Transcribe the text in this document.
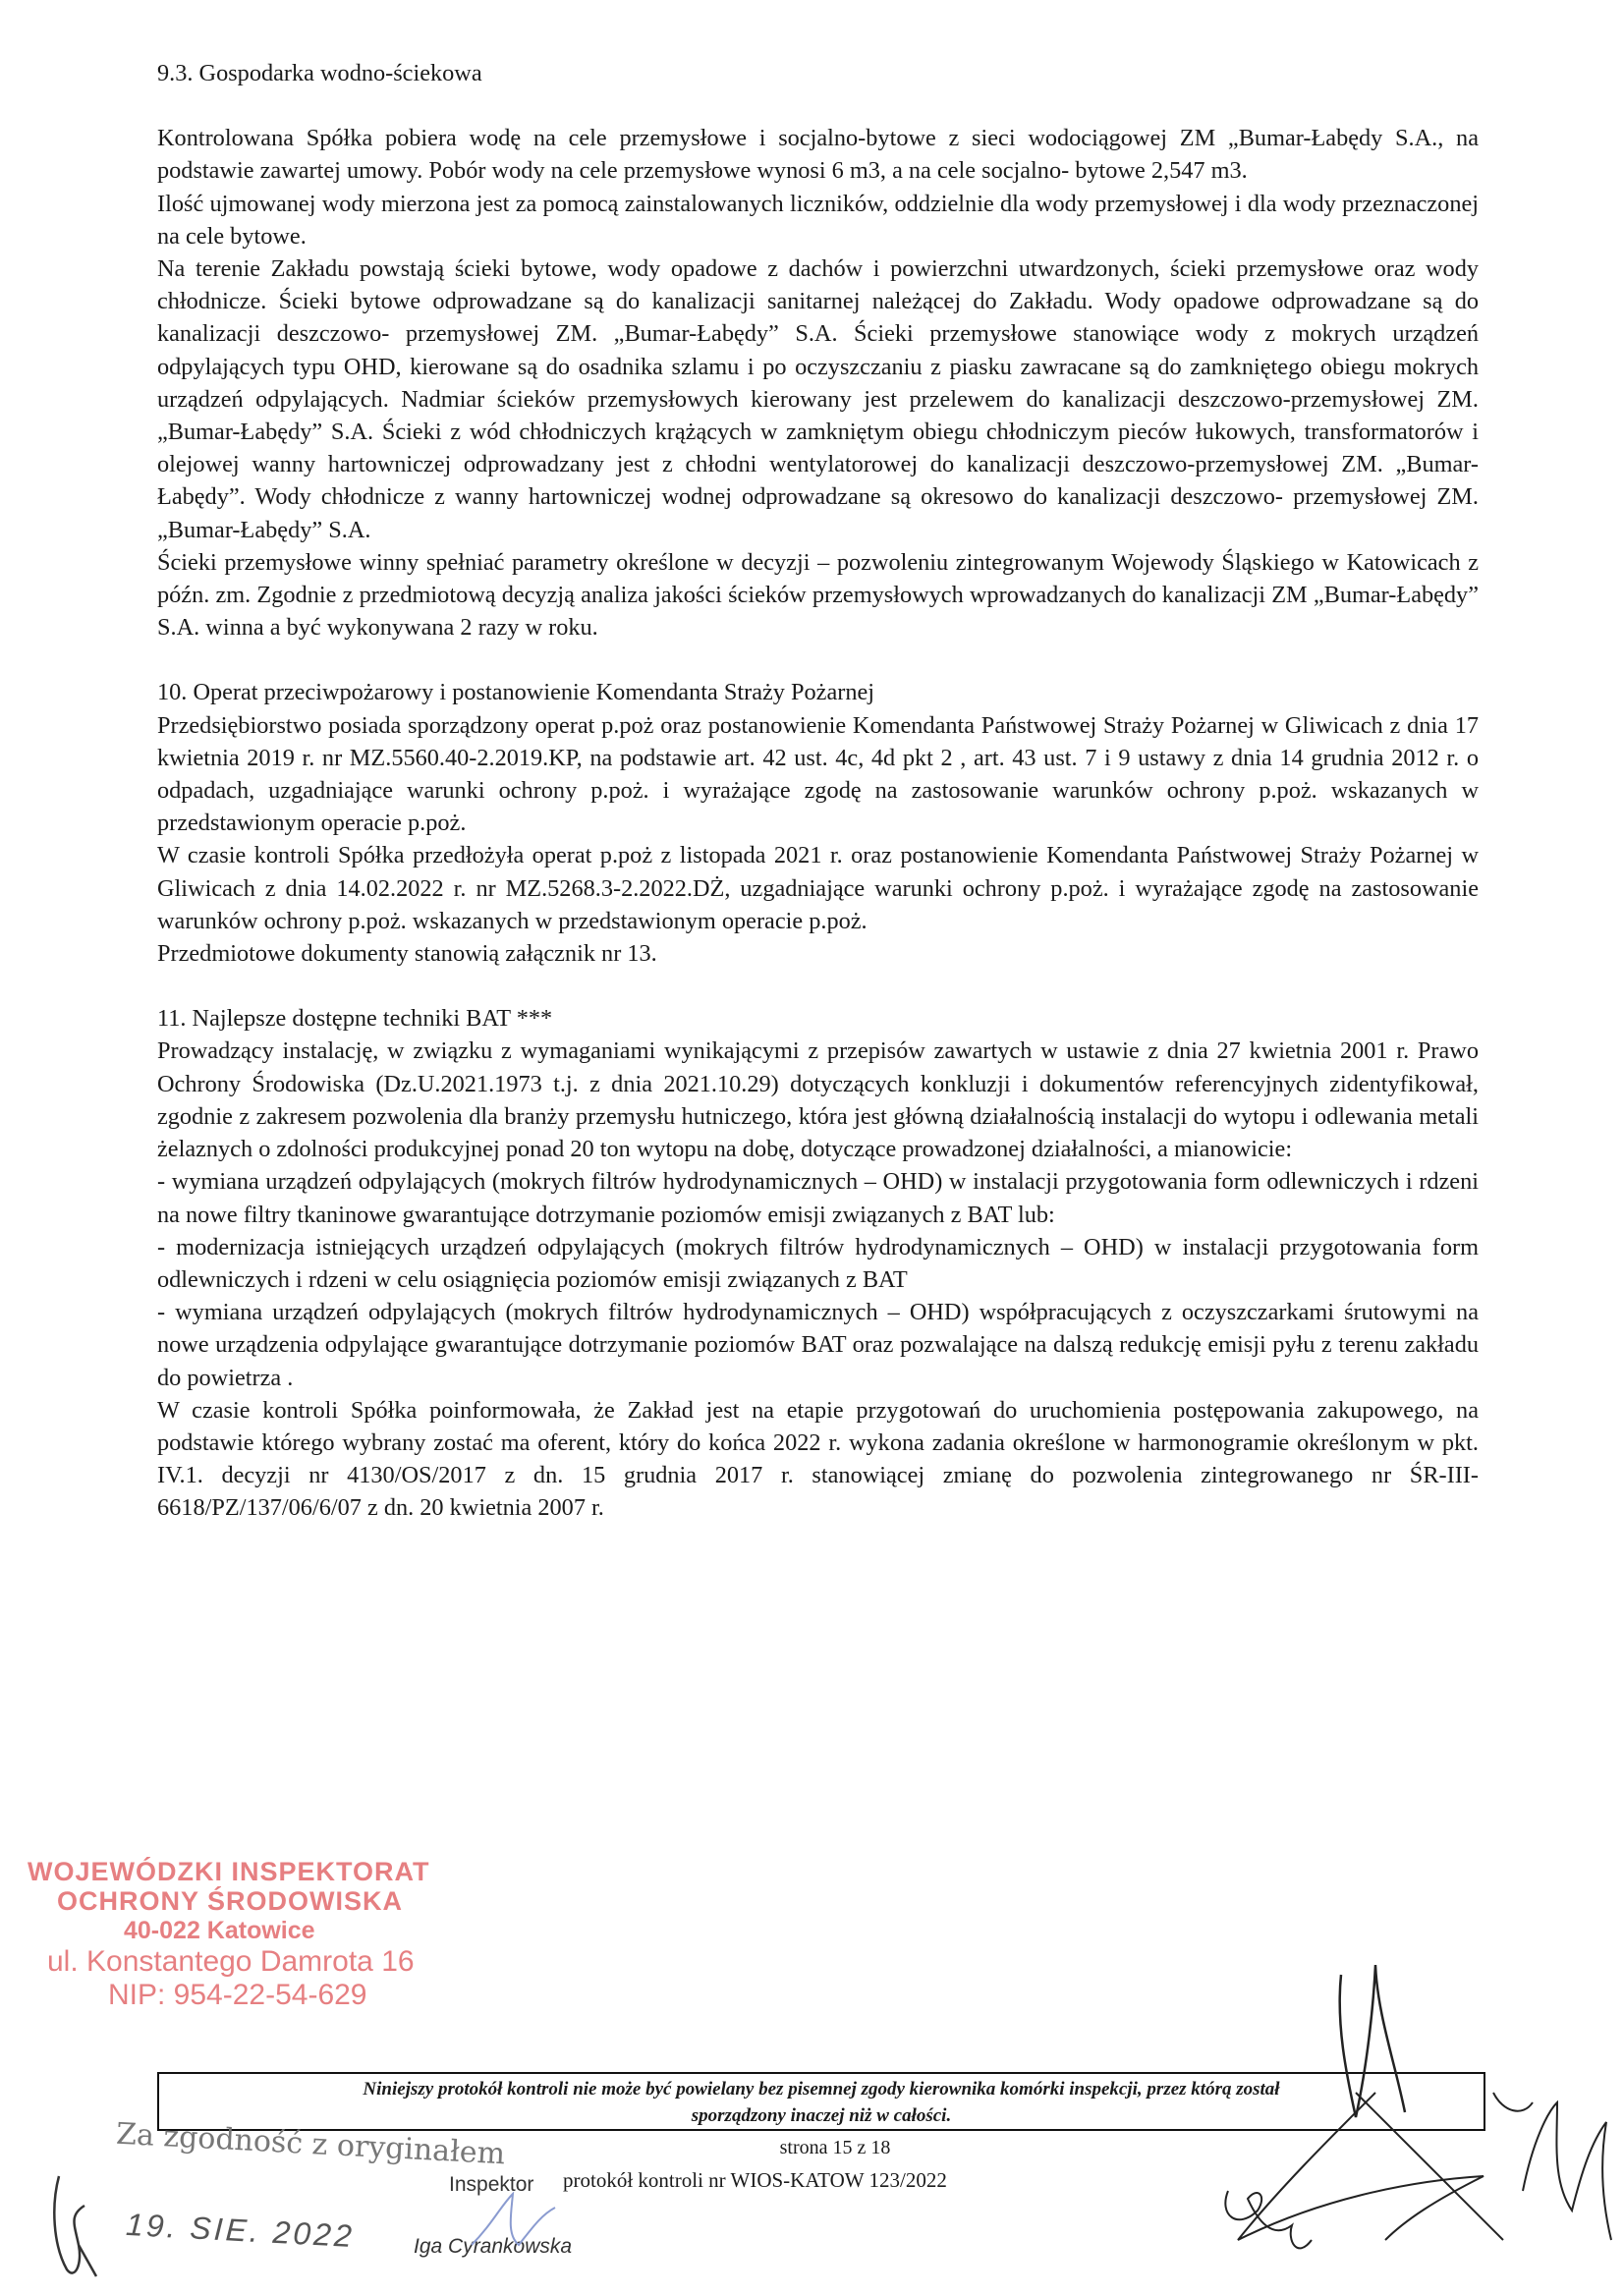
9.3. Gospodarka wodno-ściekowa

Kontrolowana Spółka pobiera wodę na cele przemysłowe i socjalno-bytowe z sieci wodociągowej ZM „Bumar-Łabędy S.A., na podstawie zawartej umowy. Pobór wody na cele przemysłowe wynosi 6 m3, a na cele socjalno- bytowe 2,547 m3.

Ilość ujmowanej wody mierzona jest za pomocą zainstalowanych liczników, oddzielnie dla wody przemysłowej i dla wody przeznaczonej na cele bytowe.

Na terenie Zakładu powstają ścieki bytowe, wody opadowe z dachów i powierzchni utwardzonych, ścieki przemysłowe oraz wody chłodnicze. Ścieki bytowe odprowadzane są do kanalizacji sanitarnej należącej do Zakładu. Wody opadowe odprowadzane są do kanalizacji deszczowo- przemysłowej ZM. „Bumar-Łabędy” S.A. Ścieki przemysłowe stanowiące wody z mokrych urządzeń odpylających typu OHD, kierowane są do osadnika szlamu i po oczyszczaniu z piasku zawracane są do zamkniętego obiegu mokrych urządzeń odpylających. Nadmiar ścieków przemysłowych kierowany jest przelewem do kanalizacji deszczowo-przemysłowej ZM. „Bumar-Łabędy” S.A. Ścieki z wód chłodniczych krążących w zamkniętym obiegu chłodniczym pieców łukowych, transformatorów i olejowej wanny hartowniczej odprowadzany jest z chłodni wentylatorowej do kanalizacji deszczowo-przemysłowej ZM. „Bumar-Łabędy”. Wody chłodnicze z wanny hartowniczej wodnej odprowadzane są okresowo do kanalizacji deszczowo- przemysłowej ZM. „Bumar-Łabędy” S.A.

Ścieki przemysłowe winny spełniać parametry określone w decyzji – pozwoleniu zintegrowanym Wojewody Śląskiego w Katowicach z późn. zm. Zgodnie z przedmiotową decyzją analiza jakości ścieków przemysłowych wprowadzanych do kanalizacji ZM „Bumar-Łabędy” S.A. winna a być wykonywana 2 razy w roku.

10. Operat przeciwpożarowy i postanowienie Komendanta Straży Pożarnej

Przedsiębiorstwo posiada sporządzony operat p.poż oraz postanowienie Komendanta Państwowej Straży Pożarnej w Gliwicach z dnia 17 kwietnia 2019 r. nr MZ.5560.40-2.2019.KP, na podstawie art. 42 ust. 4c, 4d pkt 2 , art. 43 ust. 7 i 9 ustawy z dnia 14 grudnia 2012 r. o odpadach, uzgadniające warunki ochrony p.poż. i wyrażające zgodę na zastosowanie warunków ochrony p.poż. wskazanych w przedstawionym operacie p.poż.

W czasie kontroli Spółka przedłożyła operat p.poż z listopada 2021 r. oraz postanowienie Komendanta Państwowej Straży Pożarnej w Gliwicach z dnia 14.02.2022 r. nr MZ.5268.3-2.2022.DŻ, uzgadniające warunki ochrony p.poż. i wyrażające zgodę na zastosowanie warunków ochrony p.poż. wskazanych w przedstawionym operacie p.poż.

Przedmiotowe dokumenty stanowią załącznik nr 13.

11. Najlepsze dostępne techniki BAT ***

Prowadzący instalację, w związku z wymaganiami wynikającymi z przepisów zawartych w ustawie z dnia 27 kwietnia 2001 r. Prawo Ochrony Środowiska (Dz.U.2021.1973 t.j. z dnia 2021.10.29) dotyczących konkluzji i dokumentów referencyjnych zidentyfikował, zgodnie z zakresem pozwolenia dla branży przemysłu hutniczego, która jest główną działalnością instalacji do wytopu i odlewania metali żelaznych o zdolności produkcyjnej ponad 20 ton wytopu na dobę, dotyczące prowadzonej działalności, a mianowicie:

- wymiana urządzeń odpylających (mokrych filtrów hydrodynamicznych – OHD) w instalacji przygotowania form odlewniczych i rdzeni na nowe filtry tkaninowe gwarantujące dotrzymanie poziomów emisji związanych z BAT lub:

- modernizacja istniejących urządzeń odpylających (mokrych filtrów hydrodynamicznych – OHD) w instalacji przygotowania form odlewniczych i rdzeni w celu osiągnięcia poziomów emisji związanych z BAT

- wymiana urządzeń odpylających (mokrych filtrów hydrodynamicznych – OHD) współpracujących z oczyszczarkami śrutowymi na nowe urządzenia odpylające gwarantujące dotrzymanie poziomów BAT oraz pozwalające na dalszą redukcję emisji pyłu z terenu zakładu do powietrza .

W czasie kontroli Spółka poinformowała, że Zakład jest na etapie przygotowań do uruchomienia postępowania zakupowego, na podstawie którego wybrany zostać ma oferent, który do końca 2022 r. wykona zadania określone w harmonogramie określonym w pkt. IV.1. decyzji nr 4130/OS/2017 z dn. 15 grudnia 2017 r. stanowiącej zmianę do pozwolenia zintegrowanego nr ŚR-III-6618/PZ/137/06/6/07 z dn. 20 kwietnia 2007 r.

WOJEWÓDZKI INSPEKTORAT
OCHRONY ŚRODOWISKA
40-022 Katowice
ul. Konstantego Damrota 16
NIP: 954-22-54-629
Niniejszy protokół kontroli nie może być powielany bez pisemnej zgody kierownika komórki inspekcji, przez którą został
sporządzony inaczej niż w całości.
strona 15 z 18
Inspektor protokół kontroli nr WIOS-KATOW 123/2022
Iga Cyrankowska
Za zgodność z oryginałem
19. SIE. 2022
